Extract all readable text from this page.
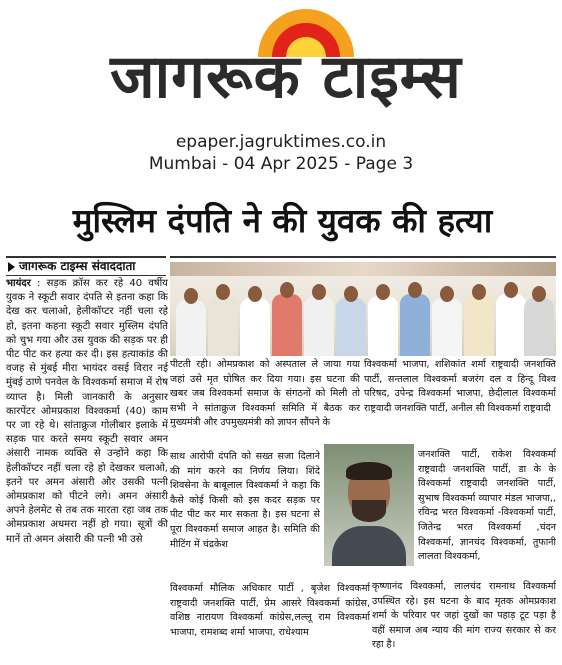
जागरूक टाइम्स
epaper.jagruktimes.co.in
Mumbai - 04 Apr 2025 - Page 3
मुस्लिम दंपति ने की युवक की हत्या
जागरूक टाइम्स संवाददाता
भायंदर : सड़क क्रॉस कर रहे 40 वर्षीय युवक ने स्कूटी सवार दंपति से इतना कहा कि देख कर चलाओ, हेलीकॉप्टर नहीं चला रहे हो, इतना कहना स्कूटी सवार मुस्लिम दंपति को चुभ गया और उस युवक की सड़क पर ही पीट पीट कर हत्या कर दी। इस हत्याकांड की वजह से मुंबई मीरा भायंदर वसई विरार नई मुंबई ठाणे पनवेल के विश्वकर्मा समाज में रोष व्याप्त है। मिली जानकारी के अनुसार कारपेंटर ओमप्रकाश विश्वकर्मा (40) काम पर जा रहे थे। सांताक्रुज गोलीबार इलाके में सड़क पार करते समय स्कूटी सवार अमन अंसारी नामक व्यक्ति से उन्होंने कहा कि हेलीकॉप्टर नहीं चला रहे हो देखकर चलाओ, इतने पर अमन अंसारी और उसकी पत्नी ओमप्रकाश को पीटने लगे। अमन अंसारी अपने हेलमेट से तब तक मारता रहा जब तक ओमप्रकाश अधमरा नहीं हो गया। सूत्रों की मानें तो अमन अंसारी की पत्नी भी उसे
पीटती रही। ओमप्रकाश को अस्पताल ले जाया गया जहां उसे मृत घोषित कर दिया गया। इस घटना की खबर जब विश्वकर्मा समाज के संगठनों को मिली तो सभी ने सांताक्रुज विश्वकर्मा समिति में बैठक कर मुख्यमंत्री और उपमुख्यमंत्री को ज्ञापन सौंपने के
साथ आरोपी दंपति को सख्त सजा दिलाने की मांग करने का निर्णय लिया। शिंदे शिवसेना के बाबूलाल विश्वकर्मा ने कहा कि कैसे कोई किसी को इस कदर सड़क पर पीट पीट कर मार सकता है। इस घटना से पूरा विश्वकर्मा समाज आहत है। समिति की मीटिंग में चंद्रकेश
विश्वकर्मा मौलिक अधिकार पार्टी , बृजेश विश्वकर्मा राष्ट्रवादी जनशक्ति पार्टी, प्रेम आसरे विश्वकर्मा कांग्रेस, वशिष्ठ नारायण विश्वकर्मा कांग्रेस,लल्लू राम विश्वकर्मा भाजपा, रामशब्द शर्मा भाजपा, राधेश्याम
विश्वकर्मा भाजपा, शशिकांत शर्मा राष्ट्रवादी जनशक्ति पार्टी, सन्तलाल विश्वकर्मा बजरंग दल व हिन्दू विश्व परिषद, उपेन्द्र विश्वकर्मा भाजपा, छेदीलाल विश्वकर्मा राष्ट्रवादी जनशक्ति पार्टी, अनील सी विश्वकर्मा राष्ट्रवादी
जनशक्ति पार्टी, राकेश विश्वकर्मा राष्ट्रवादी जनशक्ति पार्टी, डा के के विश्वकर्मा राष्ट्रवादी जनशक्ति पार्टी, सुभाष विश्वकर्मा व्यापार मंडल भाजपा,, रविन्द्र भरत विश्वकर्मा -विश्वकर्मा पार्टी, जितेन्द्र भरत विश्वकर्मा ,चंदन विश्वकर्मा, ज्ञानचंद विश्वकर्मा, तुफानी लालता विश्वकर्मा,
कृष्णानंद विश्वकर्मा, लालचंद रामनाथ विश्वकर्मा उपस्थित रहे। इस घटना के बाद मृतक ओमप्रकाश शर्मा के परिवार पर जहां दुखों का पहाड़ टूट पड़ा है वहीं समाज अब न्याय की मांग राज्य सरकार से कर रहा है।
